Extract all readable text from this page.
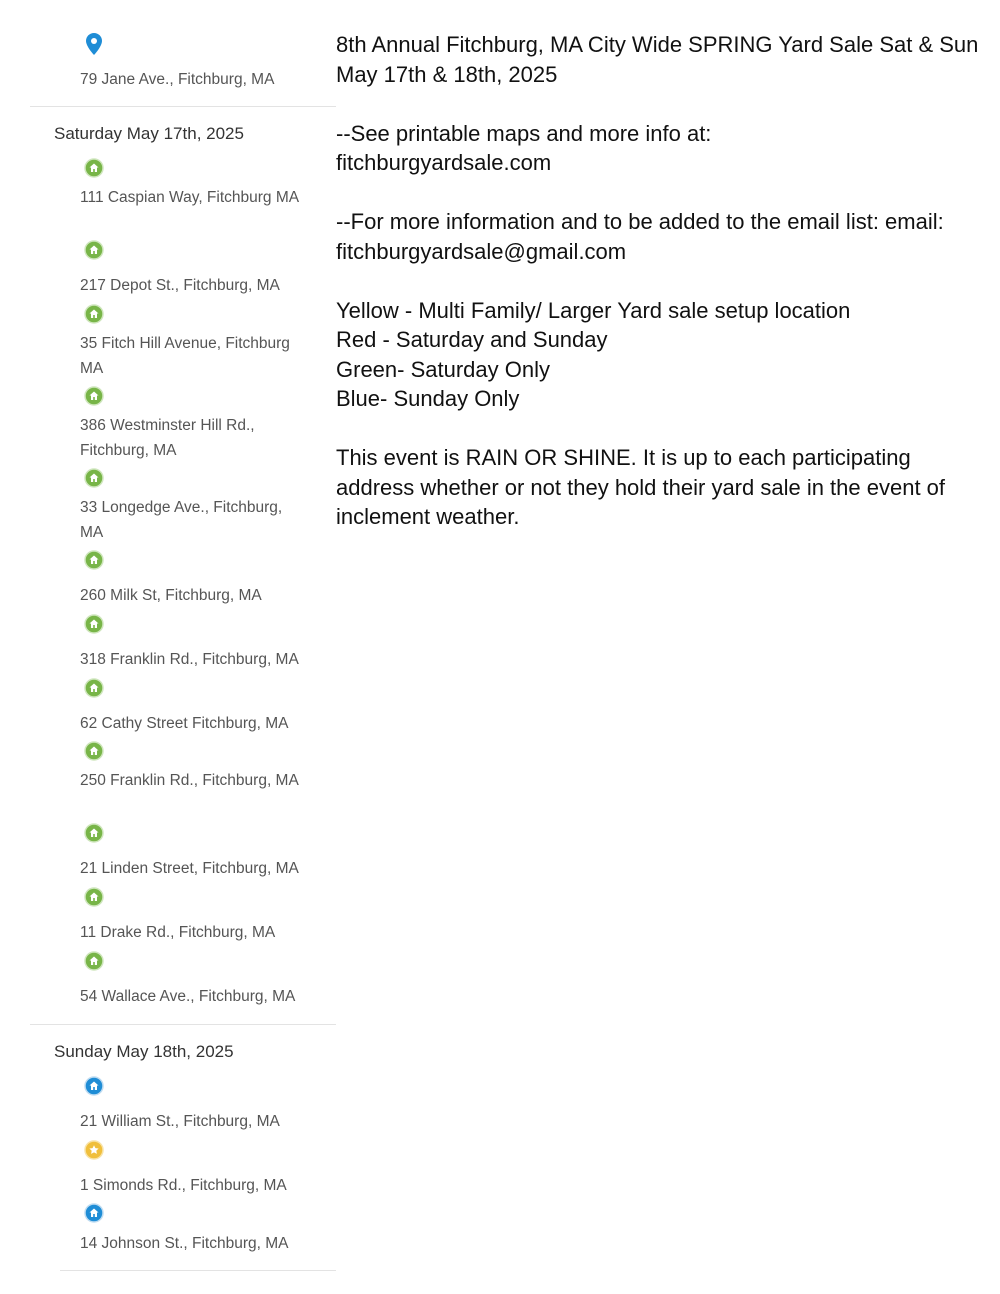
79 Jane Ave., Fitchburg, MA
Saturday May 17th, 2025
111 Caspian Way, Fitchburg MA
217 Depot St., Fitchburg, MA
35 Fitch Hill Avenue, Fitchburg MA
386 Westminster Hill Rd., Fitchburg, MA
33 Longedge Ave., Fitchburg, MA
260 Milk St, Fitchburg, MA
318 Franklin Rd., Fitchburg, MA
62 Cathy Street Fitchburg, MA
250 Franklin Rd., Fitchburg, MA
21 Linden Street, Fitchburg, MA
11 Drake Rd., Fitchburg, MA
54 Wallace Ave., Fitchburg, MA
Sunday May 18th, 2025
21 William St., Fitchburg, MA
1 Simonds Rd., Fitchburg, MA
14 Johnson St., Fitchburg, MA

8th Annual Fitchburg, MA City Wide SPRING Yard Sale Sat & Sun

May 17th & 18th, 2025

--See printable maps and more info at:

fitchburgyardsale.com

--For more information and to be added to the email list: email:

fitchburgyardsale@gmail.com

Yellow - Multi Family/ Larger Yard sale setup location

Red - Saturday and Sunday

Green- Saturday Only

Blue- Sunday Only

This event is RAIN OR SHINE. It is up to each participating

address whether or not they hold their yard sale in the event of

inclement weather.
